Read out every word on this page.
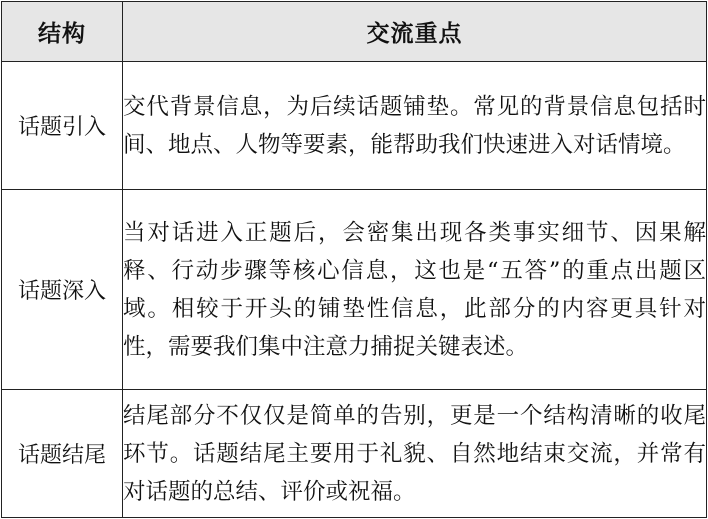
结构	交流重点
话题引入	交代背景信息，为后续话题铺垫。常见的背景信息包括时间、地点、人物等要素，能帮助我们快速进入对话情境。

话题深入	当对话进入正题后，会密集出现各类事实细节、因果解释、行动步骤等核心信息，这也是“五答”的重点出题区域。相较于开头的铺垫性信息，此部分的内容更具针对性，需要我们集中注意力捕捉关键表述。

话题结尾	结尾部分不仅仅是简单的告别，更是一个结构清晰的收尾环节。话题结尾主要用于礼貌、自然地结束交流，并常有对话题的总结、评价或祝福。
